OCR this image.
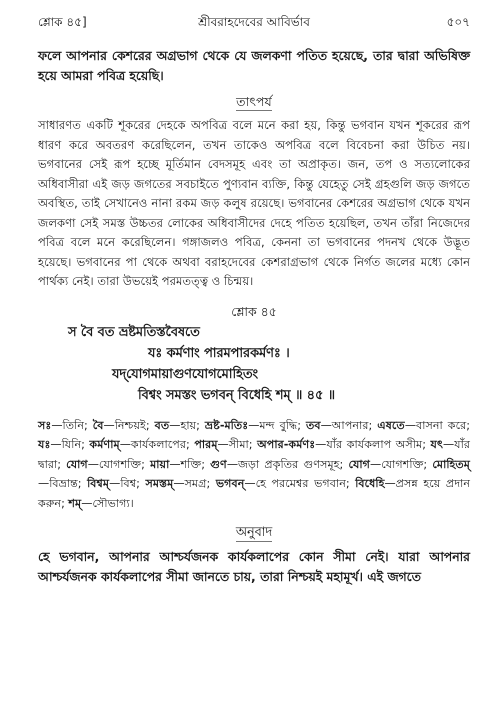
শ্লোক ৪৫]	শ্রীবরাহদেবের আবির্ভাব	৫০৭
ফলে আপনার কেশরের অগ্রভাগ থেকে যে জলকণা পতিত হয়েছে, তার দ্বারা অভিষিক্ত হয়ে আমরা পবিত্র হয়েছি।
তাৎপর্য
সাধারণত একটি শূকরের দেহকে অপবিত্র বলে মনে করা হয়, কিন্তু ভগবান যখন শূকরের রূপ ধারণ করে অবতরণ করেছিলেন, তখন তাকেও অপবিত্র বলে বিবেচনা করা উচিত নয়। ভগবানের সেই রূপ হচ্ছে মূর্তিমান বেদসমূহ এবং তা অপ্রাকৃত। জন, তপ ও সত্যলোকের অধিবাসীরা এই জড় জগতের সবচাইতে পুণ্যবান ব্যক্তি, কিন্তু যেহেতু সেই গ্রহগুলি জড় জগতে অবস্থিত, তাই সেখানেও নানা রকম জড় কলুষ রয়েছে। ভগবানের কেশরের অগ্রভাগ থেকে যখন জলকণা সেই সমস্ত উচ্চতর লোকের অধিবাসীদের দেহে পতিত হয়েছিল, তখন তাঁরা নিজেদের পবিত্র বলে মনে করেছিলেন। গঙ্গাজলও পবিত্র, কেননা তা ভগবানের পদনখ থেকে উদ্ভূত হয়েছে। ভগবানের পা থেকে অথবা বরাহদেবের কেশরাগ্রভাগ থেকে নির্গত জলের মধ্যে কোন পার্থক্য নেই। তারা উভয়েই পরমতত্ত্ব ও চিন্ময়।
শ্লোক ৪৫
স বৈ বত ভ্রষ্টমতিস্তবৈষতে
যঃ কর্মণাং পারমপারকর্মণঃ ।
যদ্‌যোগমায়াগুণযোগমোহিতং
বিশ্বং সমস্তং ভগবন্ বিধেহি শম্ ॥ ৪৫ ॥
সঃ—তিনি; বৈ—নিশ্চয়ই; বত—হায়; ভ্রষ্ট-মতিঃ—মন্দ বুদ্ধি; তব—আপনার; এষতে—বাসনা করে; যঃ—যিনি; কর্মণাম্—কার্যকলাপের; পারম্—সীমা; অপার-কর্মণঃ—যাঁর কার্যকলাপ অসীম; যৎ—যাঁর দ্বারা; যোগ—যোগশক্তি; মায়া—শক্তি; গুণ—জড়া প্রকৃতির গুণসমূহ; যোগ—যোগশক্তি; মোহিতম্—বিভ্রান্ত; বিশ্বম্—বিশ্ব; সমস্তম্—সমগ্র; ভগবন্—হে পরমেশ্বর ভগবান; বিধেহি—প্রসন্ন হয়ে প্রদান করুন; শম্—সৌভাগ্য।
অনুবাদ
হে ভগবান, আপনার আশ্চর্যজনক কার্যকলাপের কোন সীমা নেই। যারা আপনার আশ্চর্যজনক কার্যকলাপের সীমা জানতে চায়, তারা নিশ্চয়ই মহামূর্খ। এই জগতে
